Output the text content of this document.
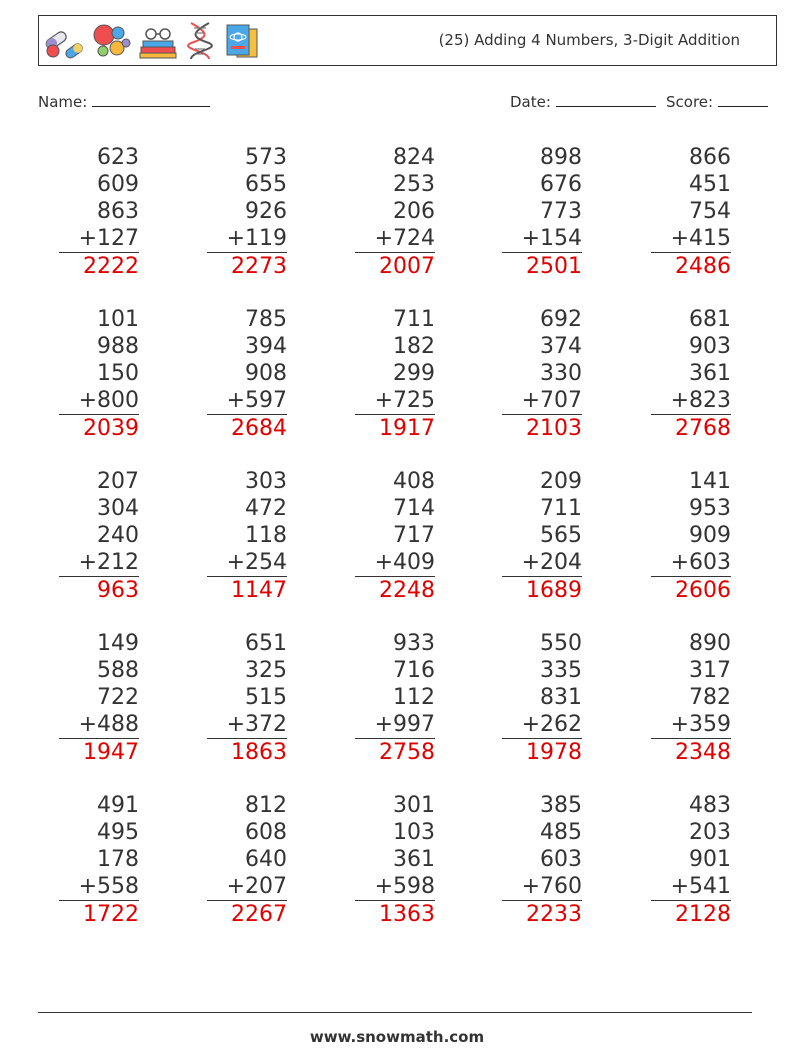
(25) Adding 4 Numbers, 3-Digit Addition
Name:	Date:	Score:
623
609
863
+127
2222
573
655
926
+119
2273
824
253
206
+724
2007
898
676
773
+154
2501
866
451
754
+415
2486
101
988
150
+800
2039
785
394
908
+597
2684
711
182
299
+725
1917
692
374
330
+707
2103
681
903
361
+823
2768
207
304
240
+212
963
303
472
118
+254
1147
408
714
717
+409
2248
209
711
565
+204
1689
141
953
909
+603
2606
149
588
722
+488
1947
651
325
515
+372
1863
933
716
112
+997
2758
550
335
831
+262
1978
890
317
782
+359
2348
491
495
178
+558
1722
812
608
640
+207
2267
301
103
361
+598
1363
385
485
603
+760
2233
483
203
901
+541
2128
www.snowmath.com
